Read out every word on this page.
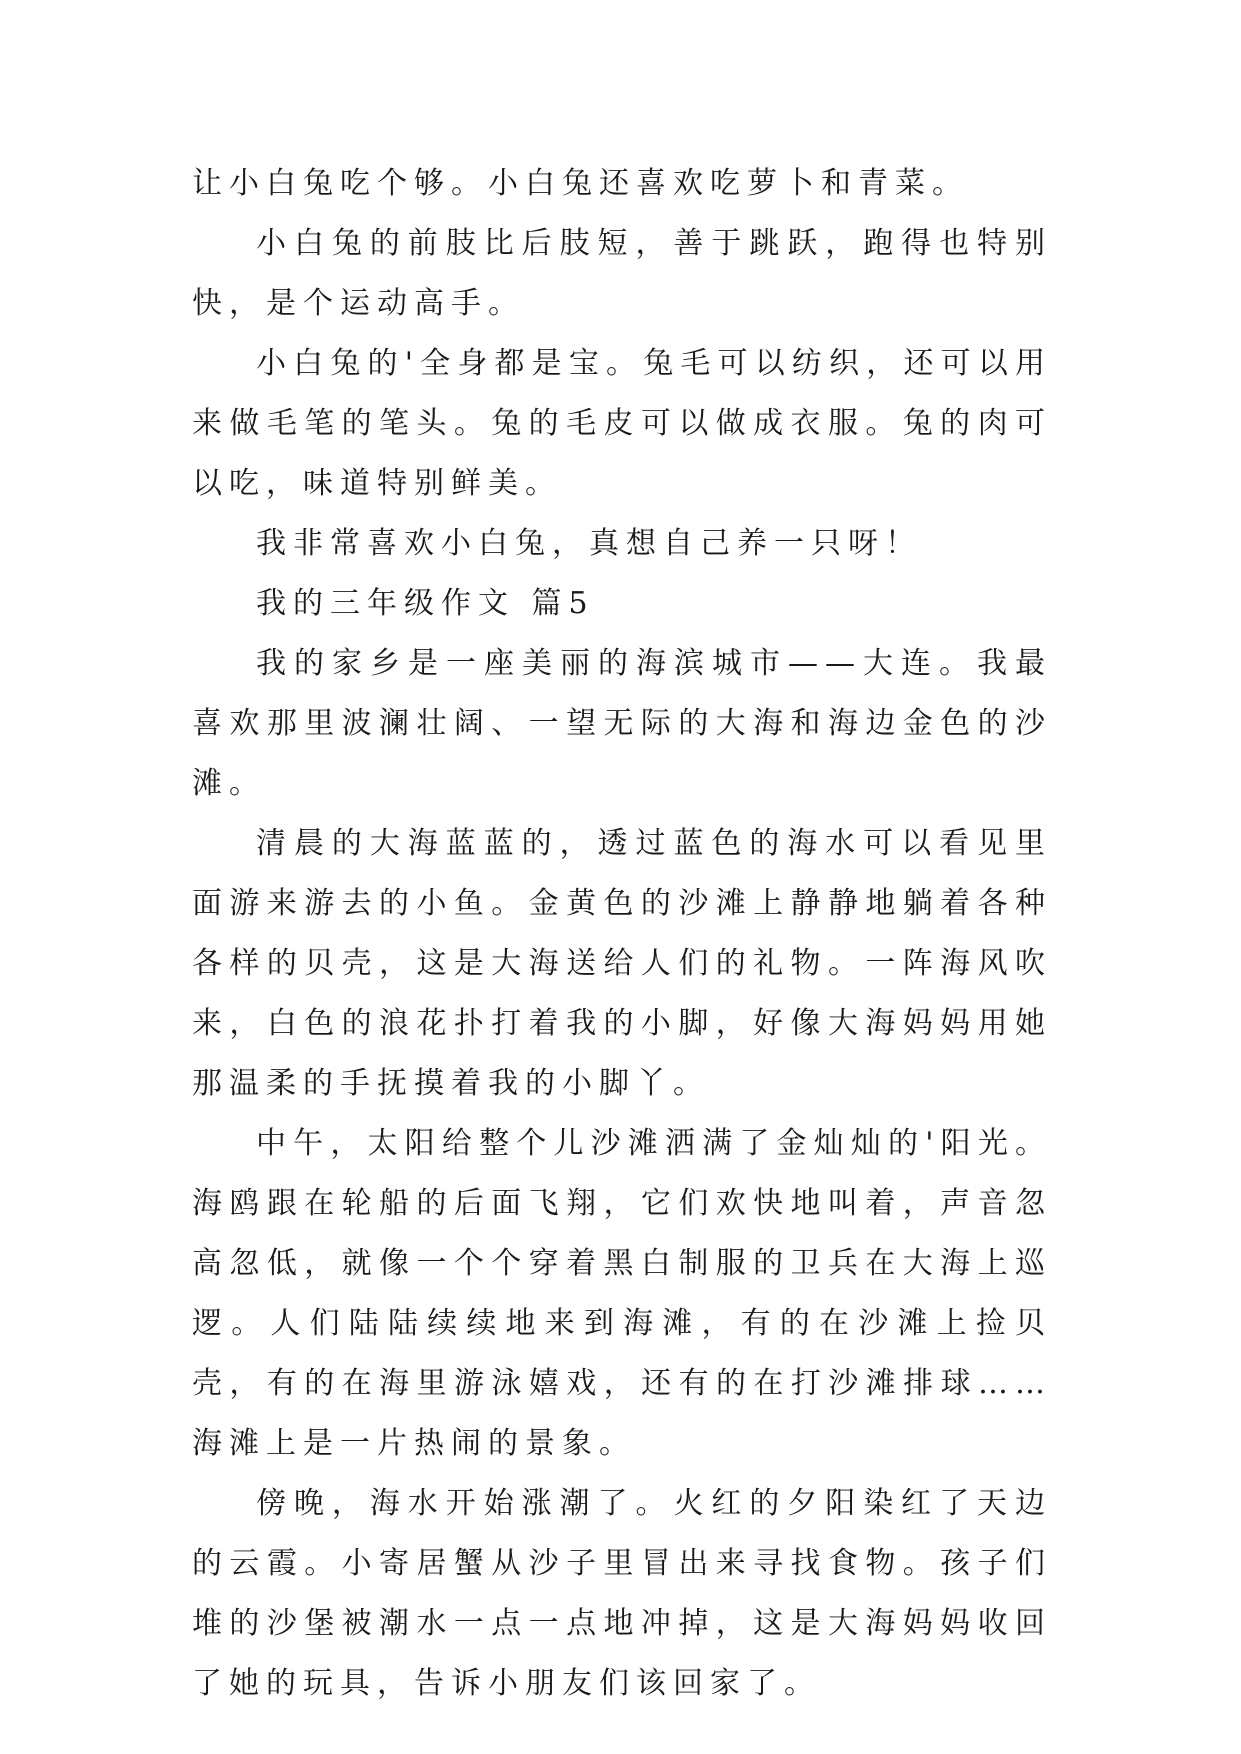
让小白兔吃个够。小白兔还喜欢吃萝卜和青菜。

小白兔的前肢比后肢短，善于跳跃，跑得也特别快，是个运动高手。

小白兔的'全身都是宝。兔毛可以纺织，还可以用来做毛笔的笔头。兔的毛皮可以做成衣服。兔的肉可以吃，味道特别鲜美。

我非常喜欢小白兔，真想自己养一只呀！

我的三年级作文 篇5

我的家乡是一座美丽的海滨城市——大连。我最喜欢那里波澜壮阔、一望无际的大海和海边金色的沙滩。

清晨的大海蓝蓝的，透过蓝色的海水可以看见里面游来游去的小鱼。金黄色的沙滩上静静地躺着各种各样的贝壳，这是大海送给人们的礼物。一阵海风吹来，白色的浪花扑打着我的小脚，好像大海妈妈用她那温柔的手抚摸着我的小脚丫。

中午，太阳给整个儿沙滩洒满了金灿灿的'阳光。海鸥跟在轮船的后面飞翔，它们欢快地叫着，声音忽高忽低，就像一个个穿着黑白制服的卫兵在大海上巡逻。人们陆陆续续地来到海滩，有的在沙滩上捡贝壳，有的在海里游泳嬉戏，还有的在打沙滩排球……海滩上是一片热闹的景象。

傍晚，海水开始涨潮了。火红的夕阳染红了天边的云霞。小寄居蟹从沙子里冒出来寻找食物。孩子们堆的沙堡被潮水一点一点地冲掉，这是大海妈妈收回了她的玩具，告诉小朋友们该回家了。
